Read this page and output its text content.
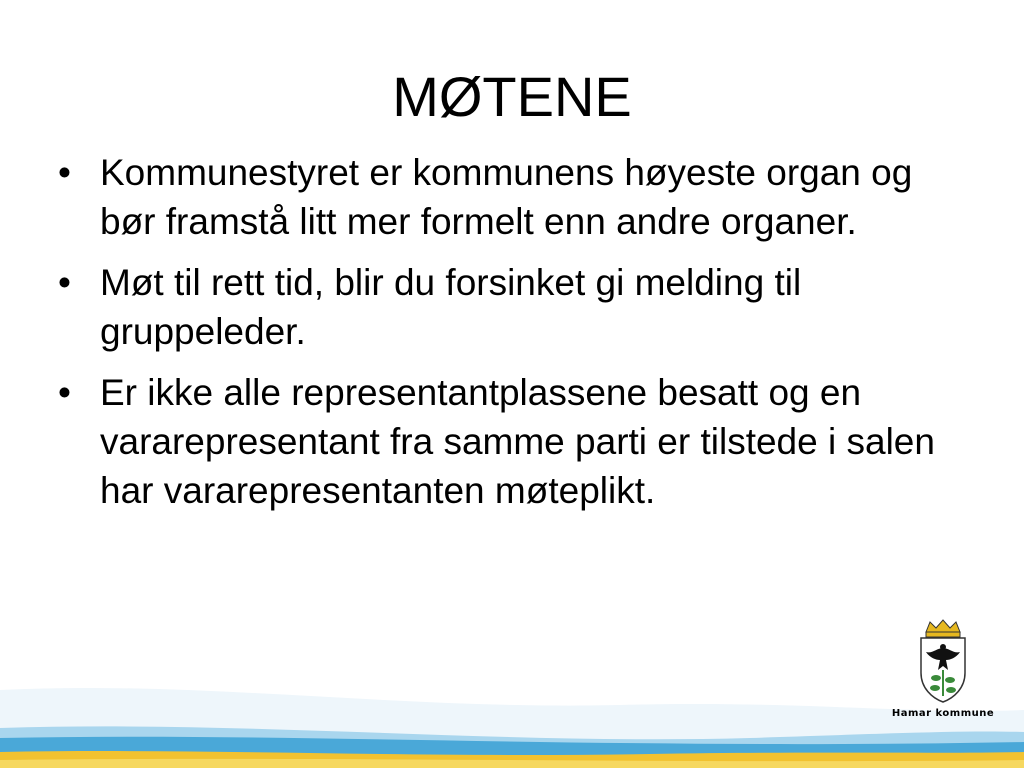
MØTENE
• Kommunestyret er kommunens høyeste organ og bør framstå litt mer formelt enn andre organer.
• Møt til rett tid, blir du forsinket gi melding til gruppeleder.
• Er ikke alle representantplassene besatt og en vararepresentant fra samme parti er tilstede i salen har vararepresentanten møteplikt.
Hamar kommune
